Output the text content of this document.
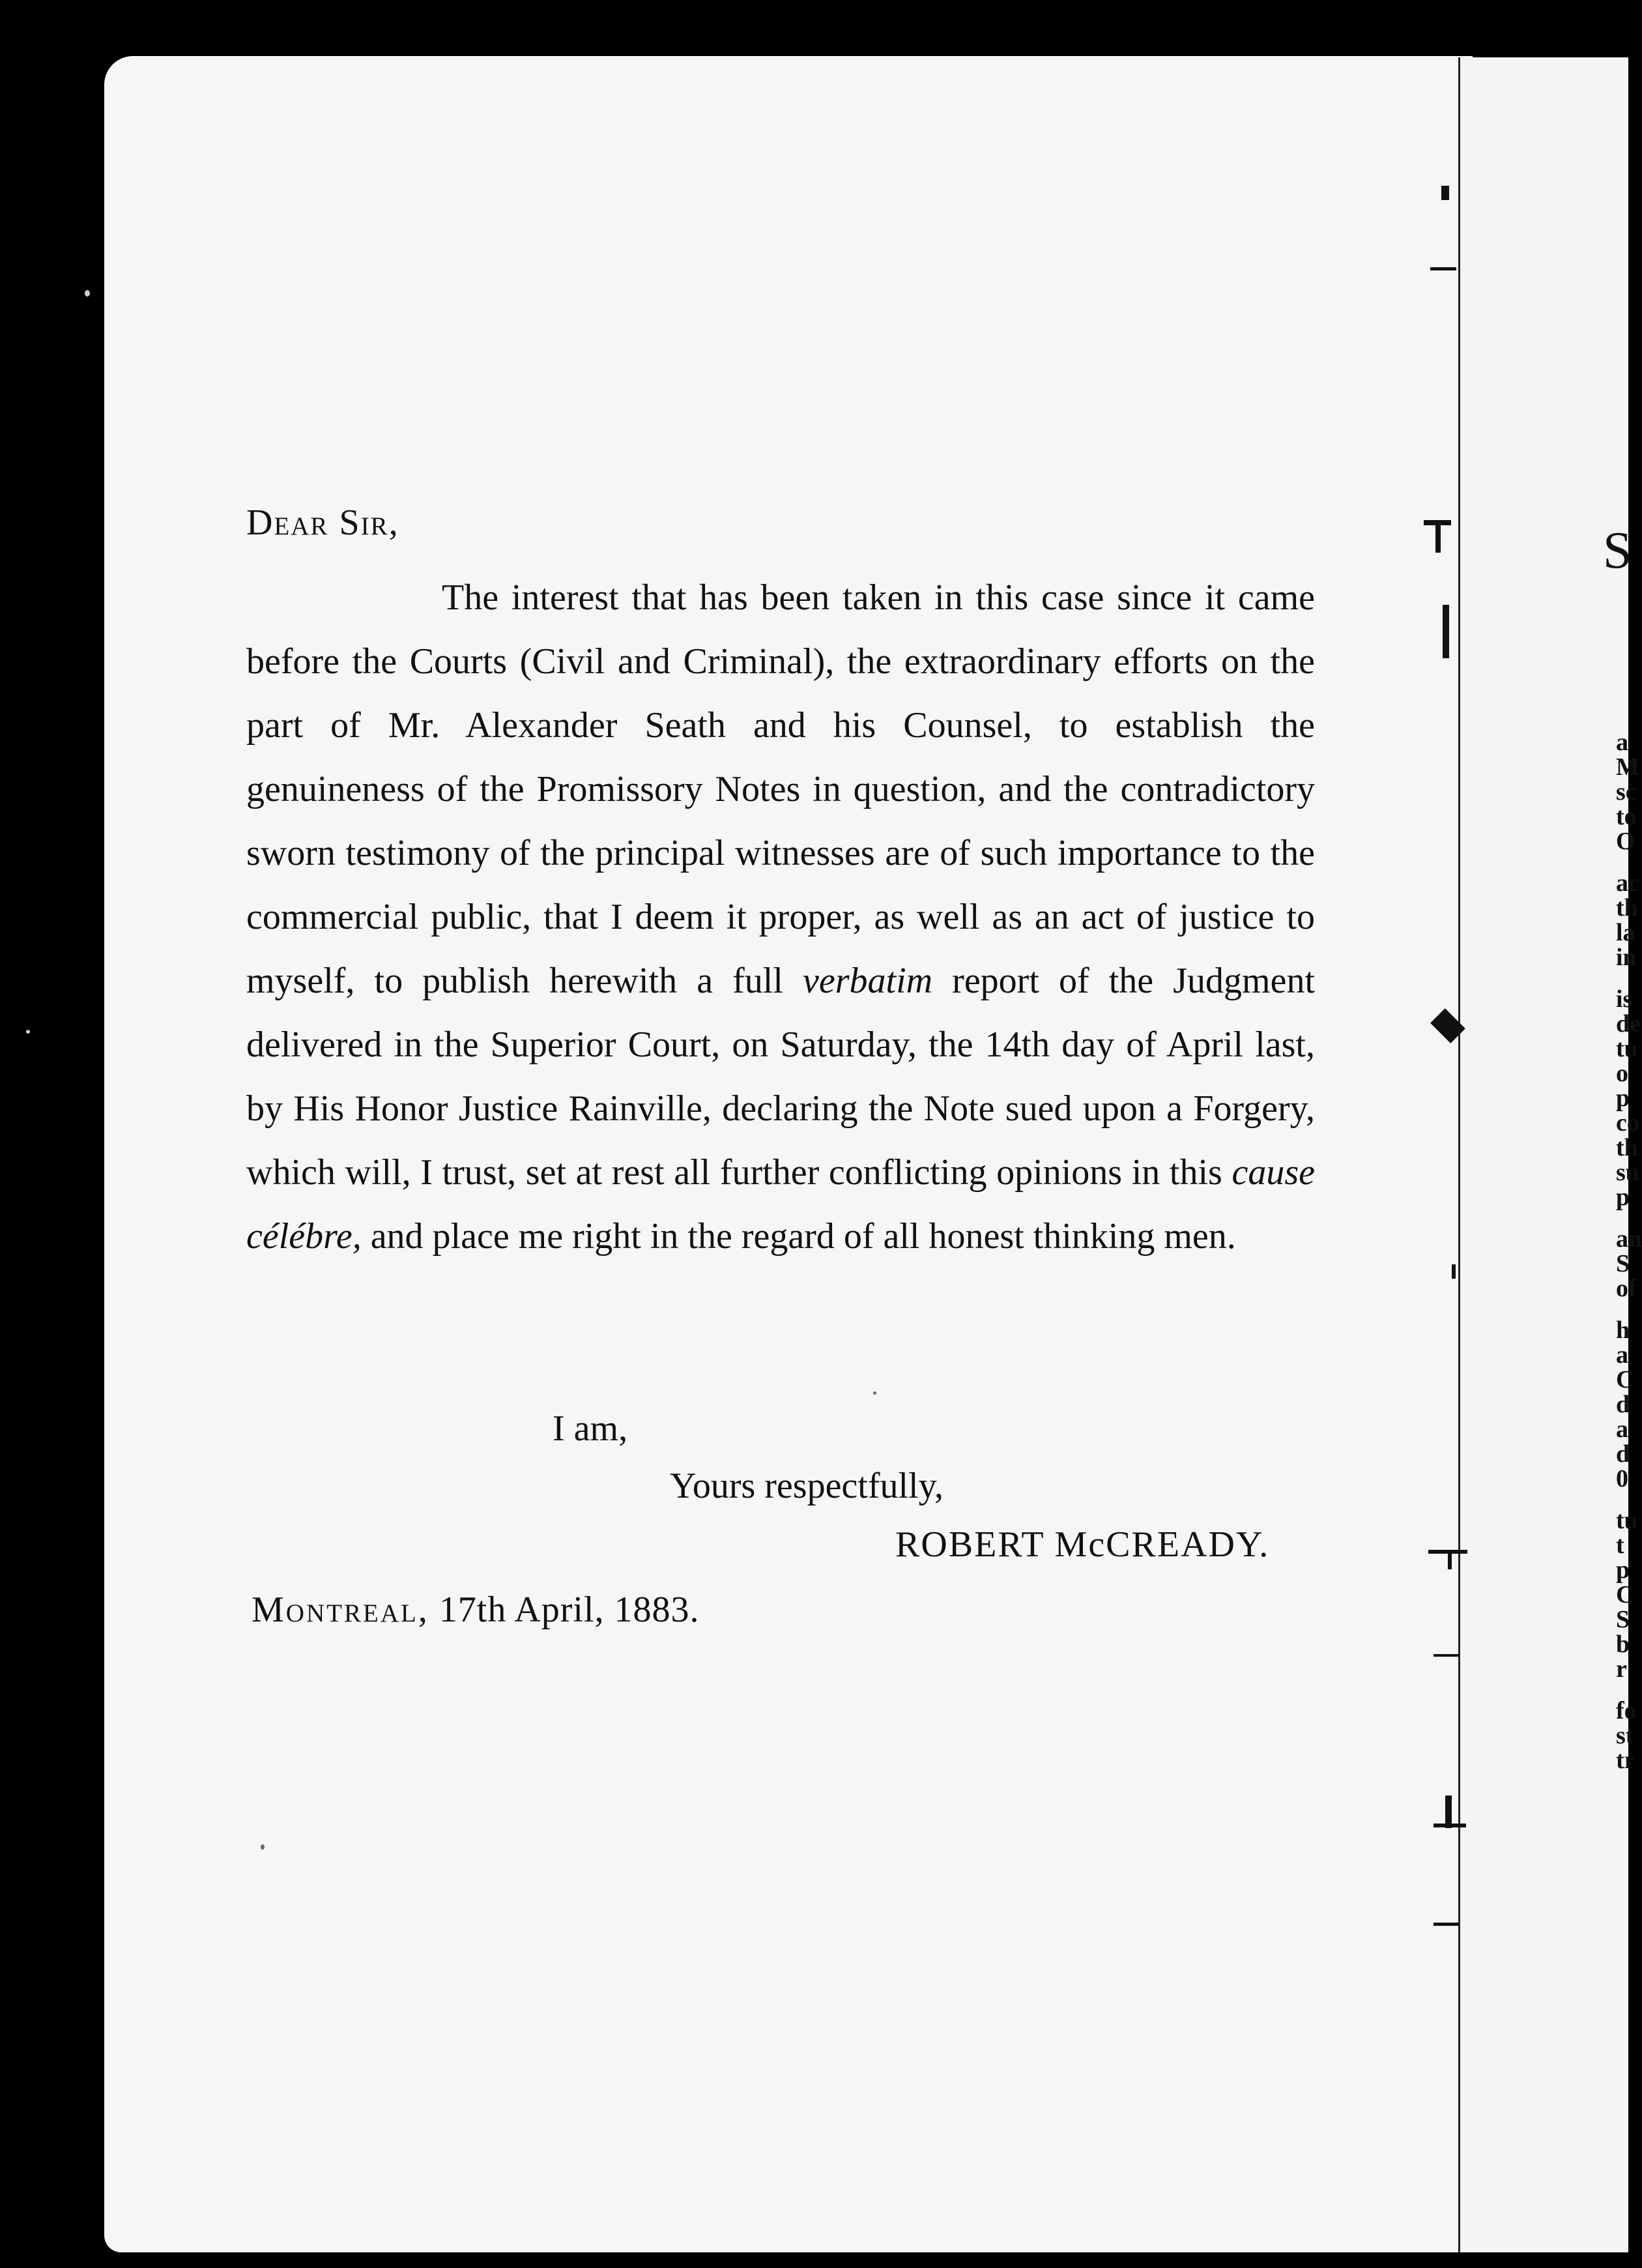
Dear Sir,
The interest that has been taken in this case since it came before the Courts (Civil and Criminal), the extraordinary efforts on the part of Mr. Alexander Seath and his Counsel, to establish the genuineness of the Promissory Notes in question, and the contradictory sworn testimony of the principal witnesses are of such importance to the commercial public, that I deem it proper, as well as an act of justice to myself, to publish herewith a full verbatim report of the Judgment delivered in the Superior Court, on Saturday, the 14th day of April last, by His Honor Justice Rainville, declaring the Note sued upon a Forgery, which will, I trust, set at rest all further conflicting opinions in this cause célébre, and place me right in the regard of all honest thinking men.
I am,
Yours respectfully,
ROBERT McCREADY.
Montreal, 17th April, 1883.
S
a
M
sc
to
O
ac
th
la
in
is
de
tu
o
p
co
th
su
p
an
S
of
h
a
C
d
a
d
0
tu
t
p
C
S
b
r
fo
st
tr
